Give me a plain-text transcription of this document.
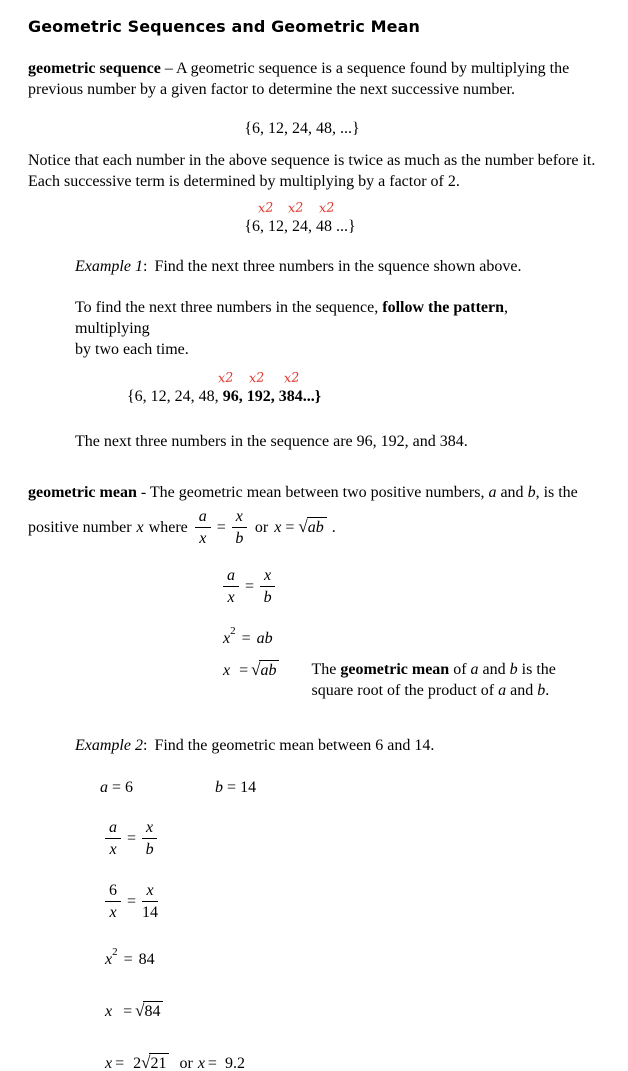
Geometric Sequences and Geometric Mean

geometric sequence – A geometric sequence is a sequence found by multiplying the
previous number by a given factor to determine the next successive number.

{6, 12, 24, 48, ...}

Notice that each number in the above sequence is twice as much as the number before it.
Each successive term is determined by multiplying by a factor of 2.

x2 x2 x2
{6, 12, 24, 48 ...}

Example 1: Find the next three numbers in the squence shown above.

To find the next three numbers in the sequence, follow the pattern, multiplying
by two each time.

x2 x2 x2

{6, 12, 24, 48, 96, 192, 384...}

The next three numbers in the sequence are 96, 192, and 384.

geometric mean - The geometric mean between two positive numbers, a and b, is the

positive number x where $\frac{a}{x} = \frac{x}{b}$ or x = √ ab .
$\frac{a}{x} = \frac{x}{b}$
x 2 = ab
x = √ ab The geometric mean of a and b is the
square root of the product of a and b.

Example 2: Find the geometric mean between 6 and 14.

a = 6	b = 14
$\frac{a}{x} = \frac{x}{b}$
$\frac{6}{x} = \frac{x}{14}$
x 2 = 84
x = √ 84
x = 2 √ 21 or x = 9.2
